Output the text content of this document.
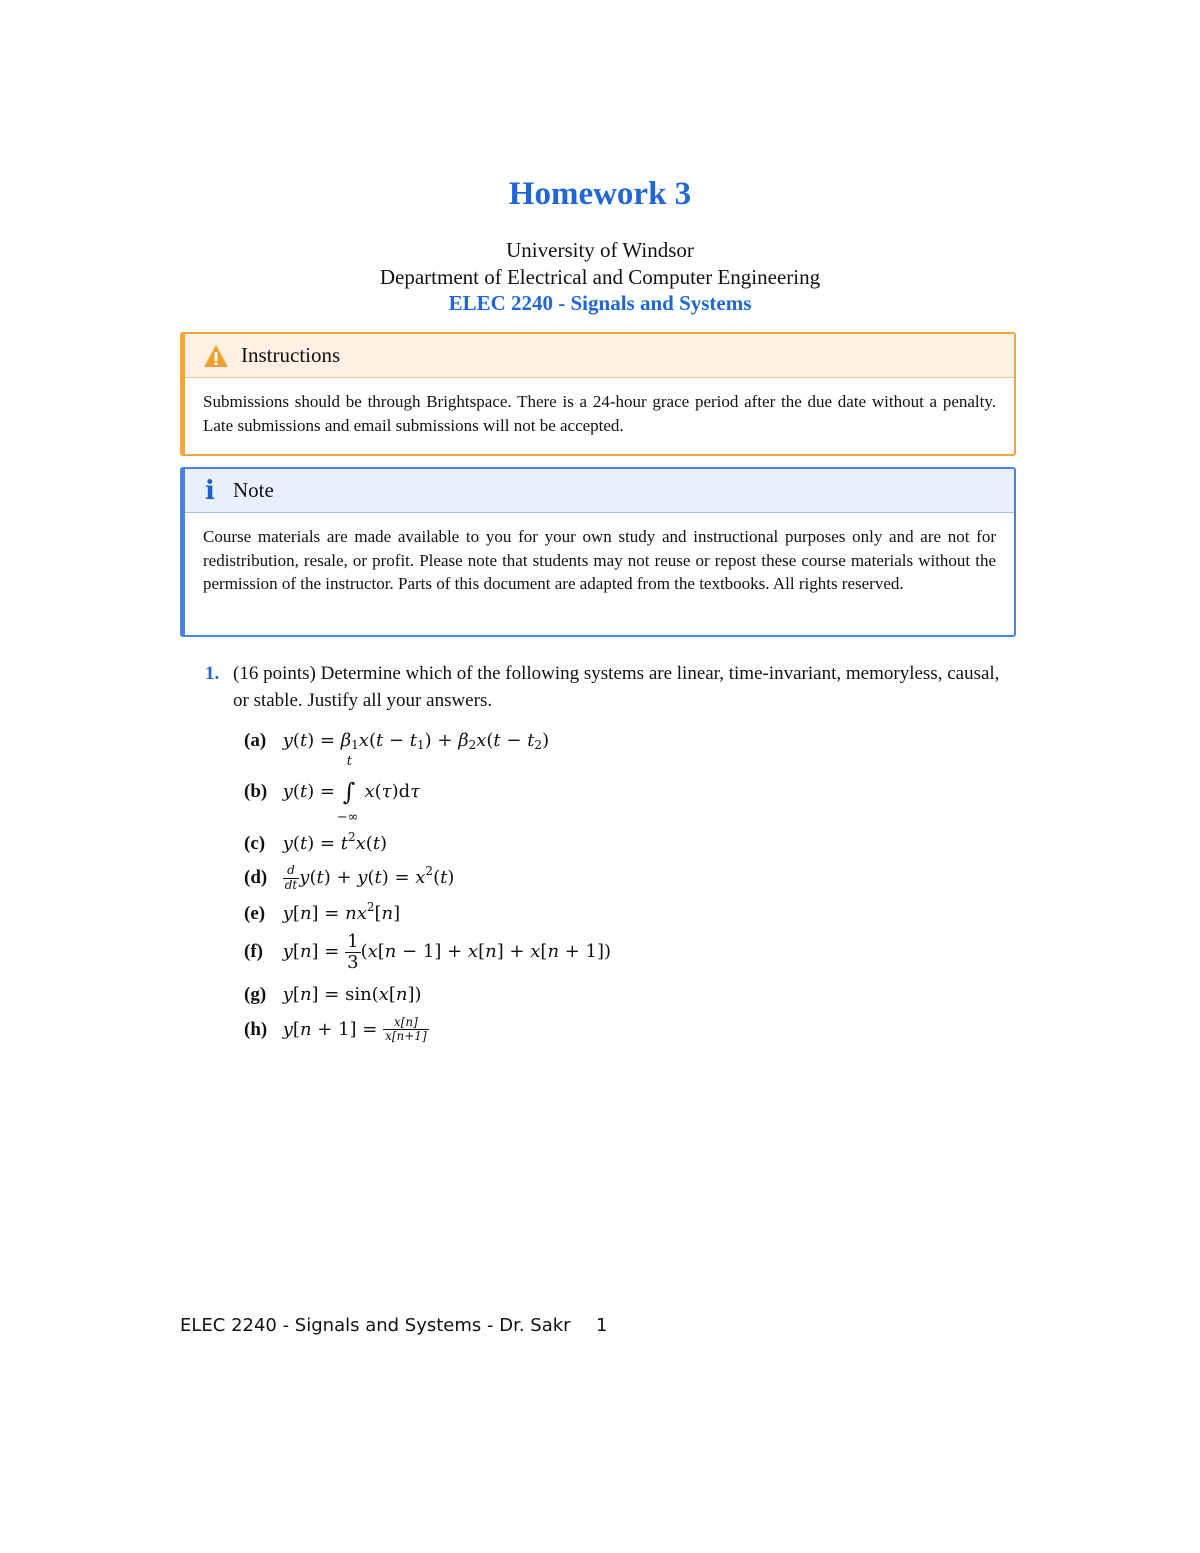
Homework 3
University of Windsor
Department of Electrical and Computer Engineering
ELEC 2240 - Signals and Systems
Instructions
Submissions should be through Brightspace. There is a 24-hour grace period after the due date without a penalty. Late submissions and email submissions will not be accepted.
i Note
Course materials are made available to you for your own study and instructional purposes only and are not for redistribution, resale, or profit. Please note that students may not reuse or repost these course materials without the permission of the instructor. Parts of this document are adapted from the textbooks. All rights reserved.
1. (16 points) Determine which of the following systems are linear, time-invariant, memoryless, causal, or stable. Justify all your answers.
(a) $y(t) = \beta_1x(t - t_1) + \beta_2x(t - t_2)$
(b) y(t) =
t
∫
−∞
x(τ)dτ
(c) $y(t) = t^2x(t)$
$(d) \frac{d}{dt} y(t) + y(t) = x^2(t)$
(e) $y[n] = nx^2[n]$
(f) $y[n] = \frac{1}{3} (x[n - 1] + x[n] + x[n + 1])$
(g) y[n] = sin(x[n])
(h) $y[n + 1] = \frac{x[n]}{x[n+1]}$
ELEC 2240 - Signals and Systems - Dr. Sakr 1
